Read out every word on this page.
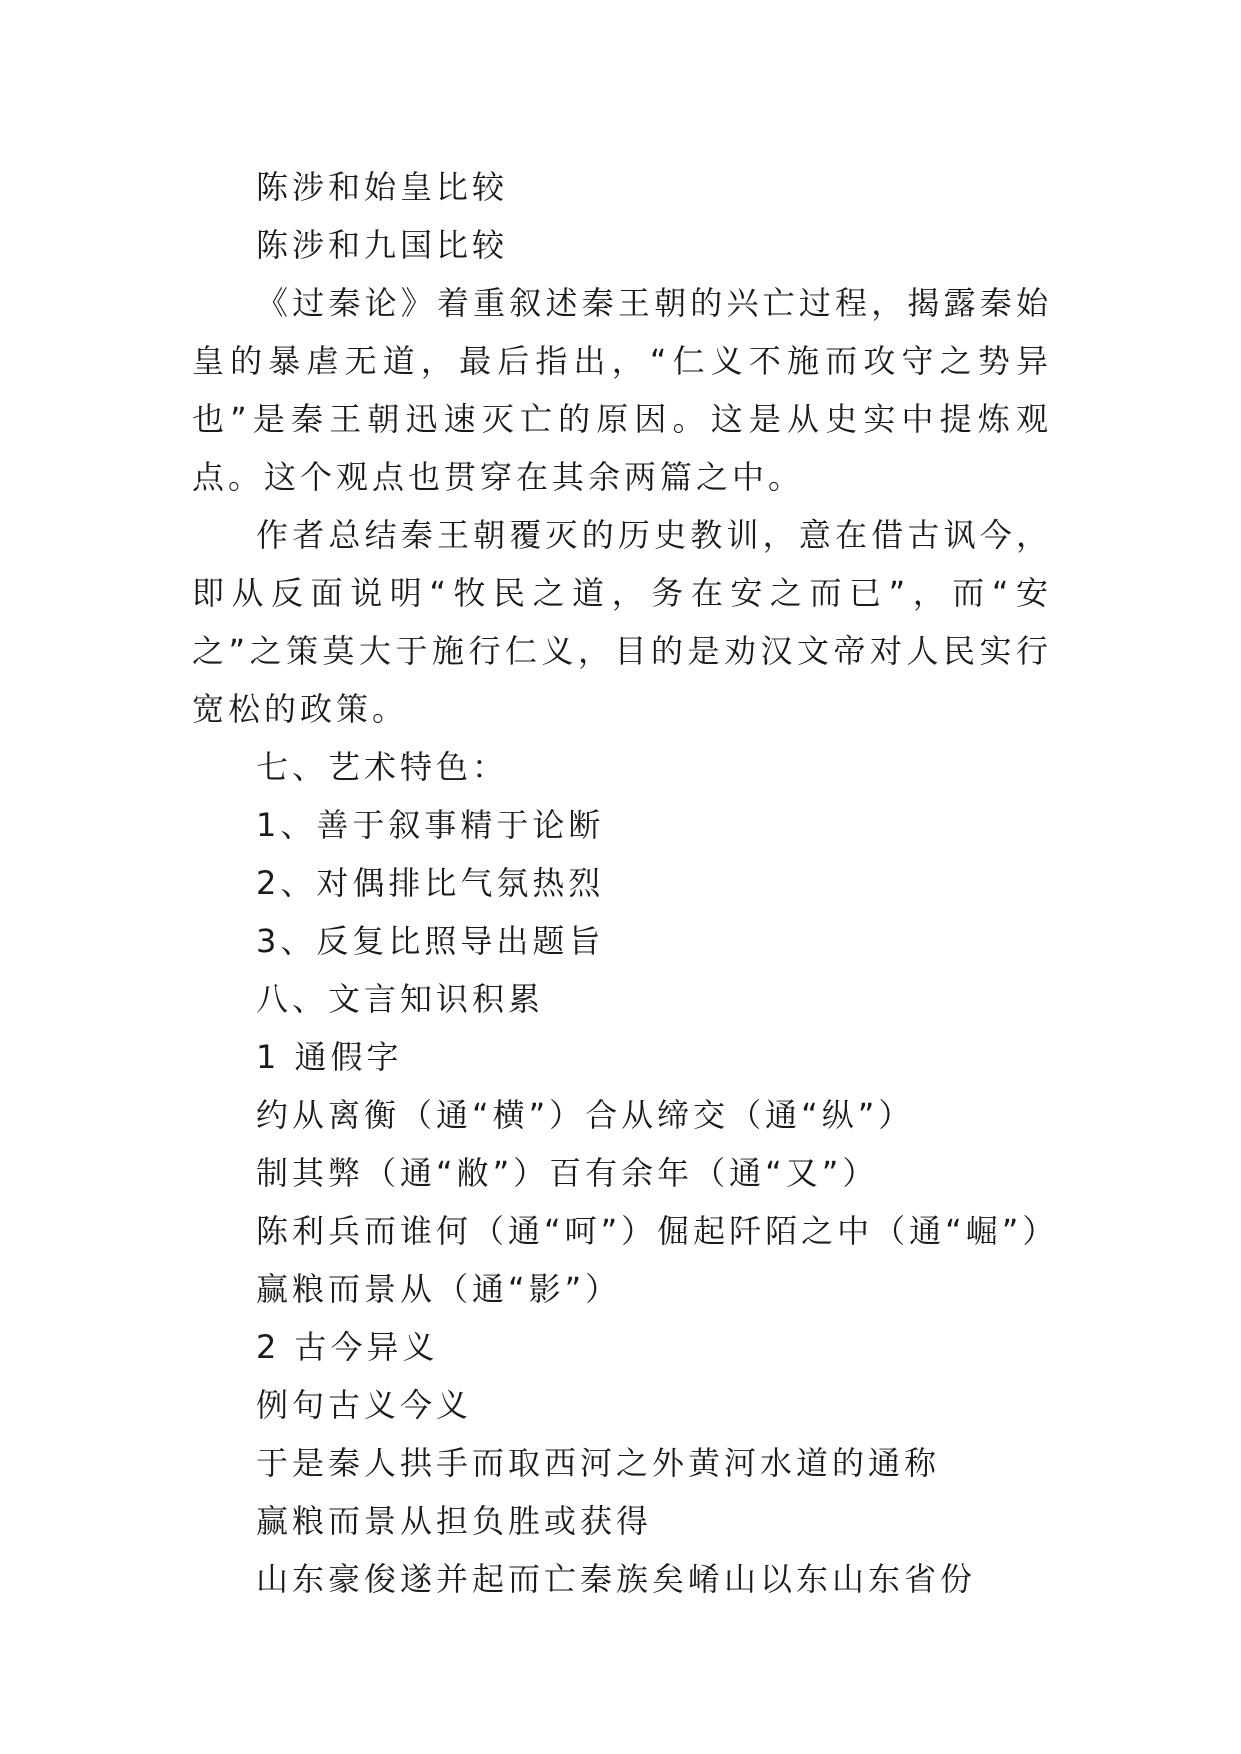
陈涉和始皇比较
陈涉和九国比较

《过秦论》着重叙述秦王朝的兴亡过程，揭露秦始皇的暴虐无道，最后指出，“仁义不施而攻守之势异也”是秦王朝迅速灭亡的原因。这是从史实中提炼观点。这个观点也贯穿在其余两篇之中。

作者总结秦王朝覆灭的历史教训，意在借古讽今，即从反面说明“牧民之道，务在安之而已”，而“安之”之策莫大于施行仁义，目的是劝汉文帝对人民实行宽松的政策。

七、艺术特色：
1、善于叙事精于论断
2、对偶排比气氛热烈
3、反复比照导出题旨
八、文言知识积累
1 通假字
约从离衡（通“横”）合从缔交（通“纵”）
制其弊（通“敝”）百有余年（通“又”）
陈利兵而谁何（通“呵”）倔起阡陌之中（通“崛”）
赢粮而景从（通“影”）
2 古今异义
例句古义今义
于是秦人拱手而取西河之外黄河水道的通称
赢粮而景从担负胜或获得
山东豪俊遂并起而亡秦族矣崤山以东山东省份
